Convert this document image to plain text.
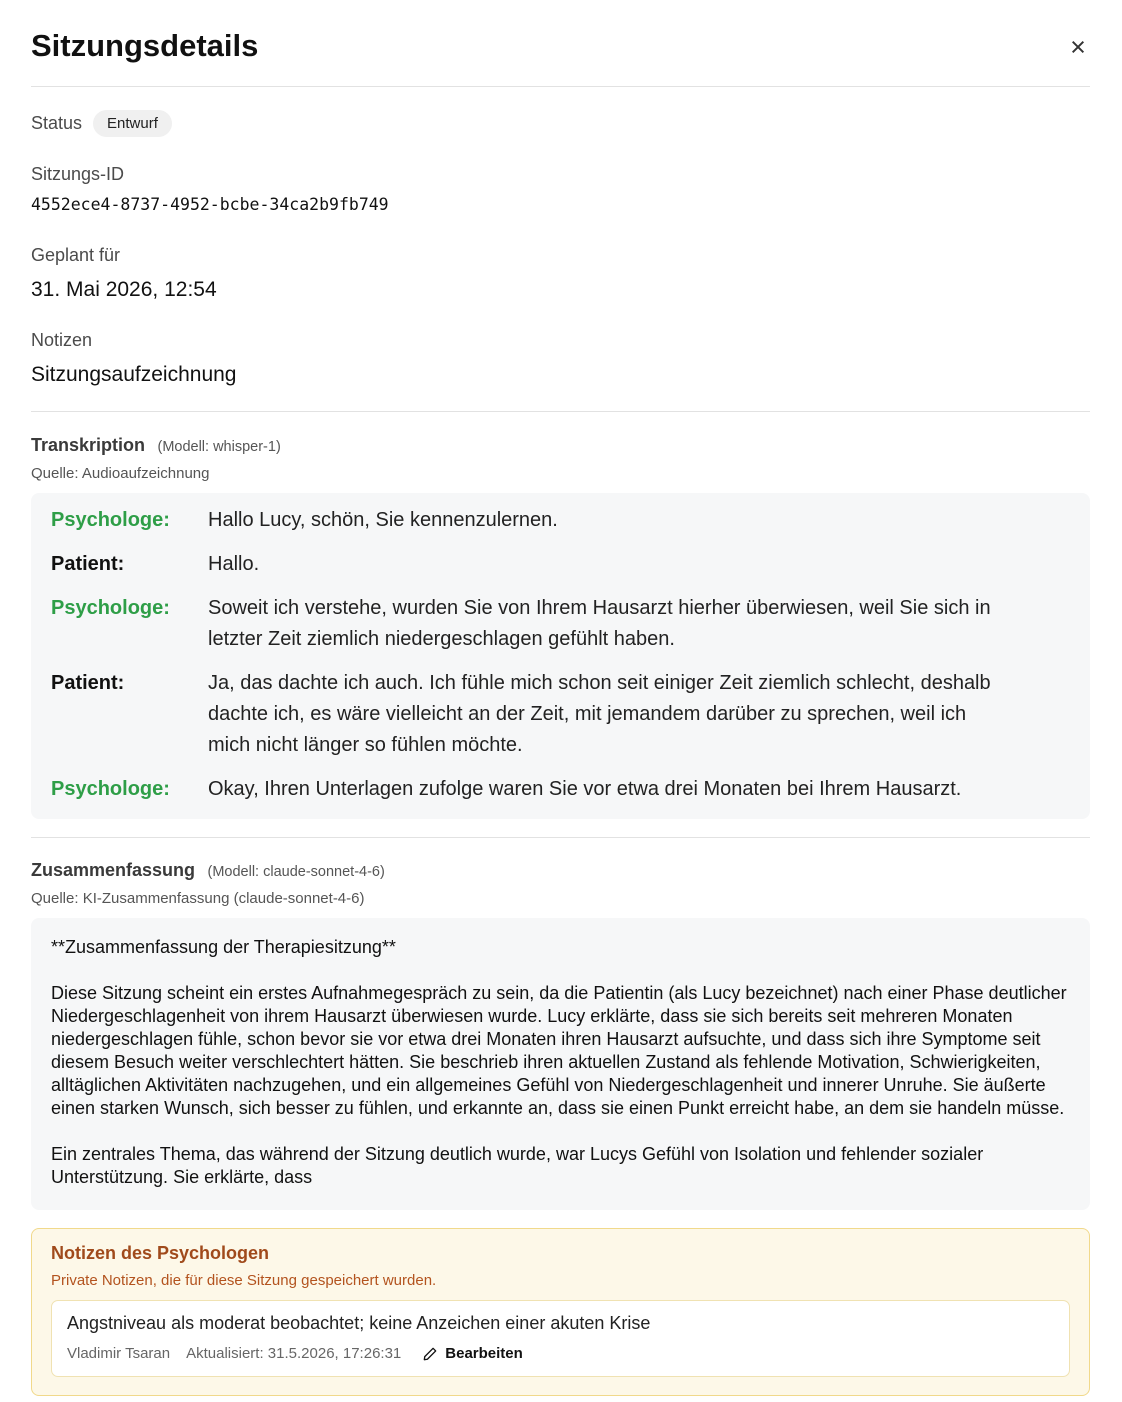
Sitzungsdetails	×
Status	Entwurf
Sitzungs-ID
4552ece4-8737-4952-bcbe-34ca2b9fb749
Geplant für
31. Mai 2026, 12:54
Notizen
Sitzungsaufzeichnung
Transkription (Modell: whisper-1)
Quelle: Audioaufzeichnung
Psychologe:	Hallo Lucy, schön, Sie kennenzulernen.
Patient:	Hallo.
Psychologe:	Soweit ich verstehe, wurden Sie von Ihrem Hausarzt hierher überwiesen, weil Sie sich in letzter Zeit ziemlich niedergeschlagen gefühlt haben.
Patient:	Ja, das dachte ich auch. Ich fühle mich schon seit einiger Zeit ziemlich schlecht, deshalb dachte ich, es wäre vielleicht an der Zeit, mit jemandem darüber zu sprechen, weil ich mich nicht länger so fühlen möchte.
Psychologe:	Okay, Ihren Unterlagen zufolge waren Sie vor etwa drei Monaten bei Ihrem Hausarzt.
Zusammenfassung (Modell: claude-sonnet-4-6)
Quelle: KI-Zusammenfassung (claude-sonnet-4-6)

**Zusammenfassung der Therapiesitzung**

Diese Sitzung scheint ein erstes Aufnahmegespräch zu sein, da die Patientin (als Lucy bezeichnet) nach einer Phase deutlicher Niedergeschlagenheit von ihrem Hausarzt überwiesen wurde. Lucy erklärte, dass sie sich bereits seit mehreren Monaten niedergeschlagen fühle, schon bevor sie vor etwa drei Monaten ihren Hausarzt aufsuchte, und dass sich ihre Symptome seit diesem Besuch weiter verschlechtert hätten. Sie beschrieb ihren aktuellen Zustand als fehlende Motivation, Schwierigkeiten, alltäglichen Aktivitäten nachzugehen, und ein allgemeines Gefühl von Niedergeschlagenheit und innerer Unruhe. Sie äußerte einen starken Wunsch, sich besser zu fühlen, und erkannte an, dass sie einen Punkt erreicht habe, an dem sie handeln müsse.

Ein zentrales Thema, das während der Sitzung deutlich wurde, war Lucys Gefühl von Isolation und fehlender sozialer Unterstützung. Sie erklärte, dass

Notizen des Psychologen
Private Notizen, die für diese Sitzung gespeichert wurden.
Angstniveau als moderat beobachtet; keine Anzeichen einer akuten Krise
Vladimir Tsaran Aktualisiert: 31.5.2026, 17:26:31	Bearbeiten
